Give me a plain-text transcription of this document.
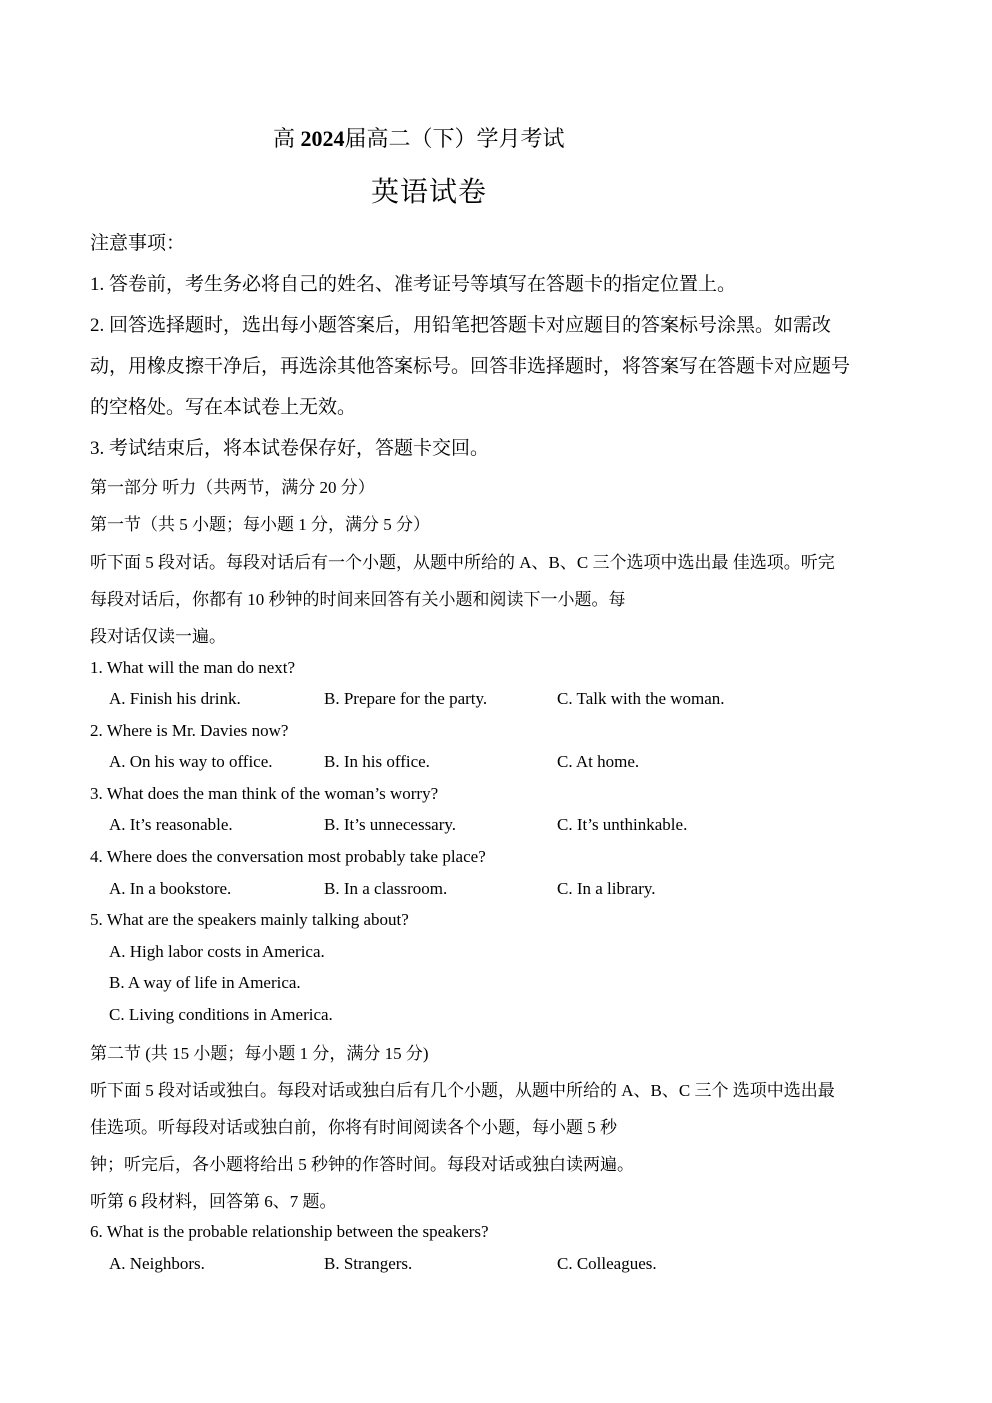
高 2024届高二（下）学月考试
英语试卷
注意事项：
1. 答卷前，考生务必将自己的姓名、准考证号等填写在答题卡的指定位置上。
2. 回答选择题时，选出每小题答案后，用铅笔把答题卡对应题目的答案标号涂黑。如需改
动，用橡皮擦干净后，再选涂其他答案标号。回答非选择题时，将答案写在答题卡对应题号
的空格处。写在本试卷上无效。
3. 考试结束后，将本试卷保存好，答题卡交回。
第一部分 听力（共两节，满分 20 分）
第一节（共 5 小题；每小题 1 分，满分 5 分）
听下面 5 段对话。每段对话后有一个小题，从题中所给的 A、B、C 三个选项中选出最 佳选项。听完
每段对话后，你都有 10 秒钟的时间来回答有关小题和阅读下一小题。每
段对话仅读一遍。
1. What will the man do next?
A. Finish his drink.	B. Prepare for the party.	C. Talk with the woman.
2. Where is Mr. Davies now?
A. On his way to office.	B. In his office.	C. At home.
3. What does the man think of the woman’s worry?
A. It’s reasonable.	B. It’s unnecessary.	C. It’s unthinkable.
4. Where does the conversation most probably take place?
A. In a bookstore.	B. In a classroom.	C. In a library.
5. What are the speakers mainly talking about?
A. High labor costs in America.
B. A way of life in America.
C. Living conditions in America.
第二节 (共 15 小题；每小题 1 分，满分 15 分)
听下面 5 段对话或独白。每段对话或独白后有几个小题，从题中所给的 A、B、C 三个 选项中选出最
佳选项。听每段对话或独白前，你将有时间阅读各个小题，每小题 5 秒
钟；听完后，各小题将给出 5 秒钟的作答时间。每段对话或独白读两遍。
听第 6 段材料，回答第 6、7 题。
6. What is the probable relationship between the speakers?
A. Neighbors.	B. Strangers.	C. Colleagues.
